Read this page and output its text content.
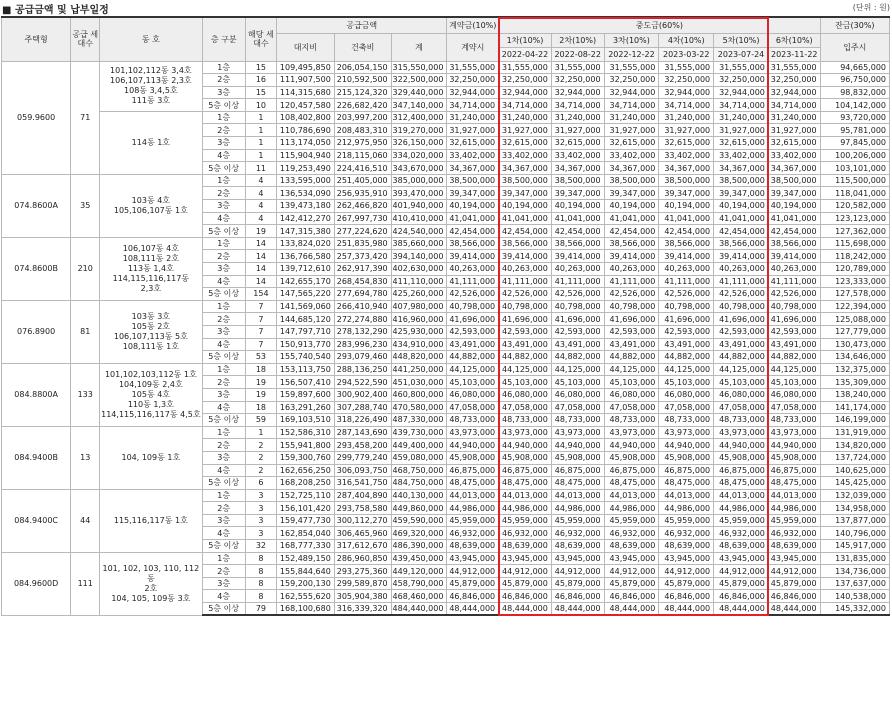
■ 공급금액 및 납부일정	(단위 : 원)
주택형	공급 세대수	동 호	층 구분	해당 세대수	공급금액			계약금(10%)	중도금(60%)						잔금(30%)
					대지비	건축비	계	계약시	1차(10%)	2차(10%)	3차(10%)	4차(10%)	5차(10%)	6차(10%)	입주시
									2022-04-22	2022-08-22	2022-12-22	2023-03-22	2023-07-24	2023-11-22	
059.9600	71	101,102,112동 3,4호
106,107,113동 2,3호
108동 3,4,5호
111동 3호	1층	15	109,495,850	206,054,150	315,550,000	31,555,000	31,555,000	31,555,000	31,555,000	31,555,000	31,555,000	31,555,000	94,665,000
			2층	16	111,907,500	210,592,500	322,500,000	32,250,000	32,250,000	32,250,000	32,250,000	32,250,000	32,250,000	32,250,000	96,750,000
			3층	15	114,315,680	215,124,320	329,440,000	32,944,000	32,944,000	32,944,000	32,944,000	32,944,000	32,944,000	32,944,000	98,832,000
			5층 이상	10	120,457,580	226,682,420	347,140,000	34,714,000	34,714,000	34,714,000	34,714,000	34,714,000	34,714,000	34,714,000	104,142,000

		114동 1호	1층	1	108,402,800	203,997,200	312,400,000	31,240,000	31,240,000	31,240,000	31,240,000	31,240,000	31,240,000	31,240,000	93,720,000
			2층	1	110,786,690	208,483,310	319,270,000	31,927,000	31,927,000	31,927,000	31,927,000	31,927,000	31,927,000	31,927,000	95,781,000
			3층	1	113,174,050	212,975,950	326,150,000	32,615,000	32,615,000	32,615,000	32,615,000	32,615,000	32,615,000	32,615,000	97,845,000
			4층	1	115,904,940	218,115,060	334,020,000	33,402,000	33,402,000	33,402,000	33,402,000	33,402,000	33,402,000	33,402,000	100,206,000
			5층 이상	11	119,253,490	224,416,510	343,670,000	34,367,000	34,367,000	34,367,000	34,367,000	34,367,000	34,367,000	34,367,000	103,101,000
074.8600A	35	103동 4호
105,106,107동 1호	1층	4	133,595,000	251,405,000	385,000,000	38,500,000	38,500,000	38,500,000	38,500,000	38,500,000	38,500,000	38,500,000	115,500,000
			2층	4	136,534,090	256,935,910	393,470,000	39,347,000	39,347,000	39,347,000	39,347,000	39,347,000	39,347,000	39,347,000	118,041,000
			3층	4	139,473,180	262,466,820	401,940,000	40,194,000	40,194,000	40,194,000	40,194,000	40,194,000	40,194,000	40,194,000	120,582,000
			4층	4	142,412,270	267,997,730	410,410,000	41,041,000	41,041,000	41,041,000	41,041,000	41,041,000	41,041,000	41,041,000	123,123,000
			5층 이상	19	147,315,380	277,224,620	424,540,000	42,454,000	42,454,000	42,454,000	42,454,000	42,454,000	42,454,000	42,454,000	127,362,000
074.8600B	210	106,107동 4호
108,111동 2호
113동 1,4호
114,115,116,117동
2,3호	1층	14	133,824,020	251,835,980	385,660,000	38,566,000	38,566,000	38,566,000	38,566,000	38,566,000	38,566,000	38,566,000	115,698,000
			2층	14	136,766,580	257,373,420	394,140,000	39,414,000	39,414,000	39,414,000	39,414,000	39,414,000	39,414,000	39,414,000	118,242,000
			3층	14	139,712,610	262,917,390	402,630,000	40,263,000	40,263,000	40,263,000	40,263,000	40,263,000	40,263,000	40,263,000	120,789,000
			4층	14	142,655,170	268,454,830	411,110,000	41,111,000	41,111,000	41,111,000	41,111,000	41,111,000	41,111,000	41,111,000	123,333,000
			5층 이상	154	147,565,220	277,694,780	425,260,000	42,526,000	42,526,000	42,526,000	42,526,000	42,526,000	42,526,000	42,526,000	127,578,000
076.8900	81	103동 3호
105동 2호
106,107,113동 5호
108,111동 1호	1층	7	141,569,060	266,410,940	407,980,000	40,798,000	40,798,000	40,798,000	40,798,000	40,798,000	40,798,000	40,798,000	122,394,000
			2층	7	144,685,120	272,274,880	416,960,000	41,696,000	41,696,000	41,696,000	41,696,000	41,696,000	41,696,000	41,696,000	125,088,000
			3층	7	147,797,710	278,132,290	425,930,000	42,593,000	42,593,000	42,593,000	42,593,000	42,593,000	42,593,000	42,593,000	127,779,000
			4층	7	150,913,770	283,996,230	434,910,000	43,491,000	43,491,000	43,491,000	43,491,000	43,491,000	43,491,000	43,491,000	130,473,000
			5층 이상	53	155,740,540	293,079,460	448,820,000	44,882,000	44,882,000	44,882,000	44,882,000	44,882,000	44,882,000	44,882,000	134,646,000
084.8800A	133	101,102,103,112동 1호
104,109동 2,4호
105동 4호
110동 1,3호
114,115,116,117동 4,5호	1층	18	153,113,750	288,136,250	441,250,000	44,125,000	44,125,000	44,125,000	44,125,000	44,125,000	44,125,000	44,125,000	132,375,000
			2층	19	156,507,410	294,522,590	451,030,000	45,103,000	45,103,000	45,103,000	45,103,000	45,103,000	45,103,000	45,103,000	135,309,000
			3층	19	159,897,600	300,902,400	460,800,000	46,080,000	46,080,000	46,080,000	46,080,000	46,080,000	46,080,000	46,080,000	138,240,000
			4층	18	163,291,260	307,288,740	470,580,000	47,058,000	47,058,000	47,058,000	47,058,000	47,058,000	47,058,000	47,058,000	141,174,000
			5층 이상	59	169,103,510	318,226,490	487,330,000	48,733,000	48,733,000	48,733,000	48,733,000	48,733,000	48,733,000	48,733,000	146,199,000
084.9400B	13	104, 109동 1호	1층	1	152,586,310	287,143,690	439,730,000	43,973,000	43,973,000	43,973,000	43,973,000	43,973,000	43,973,000	43,973,000	131,919,000
			2층	2	155,941,800	293,458,200	449,400,000	44,940,000	44,940,000	44,940,000	44,940,000	44,940,000	44,940,000	44,940,000	134,820,000
			3층	2	159,300,760	299,779,240	459,080,000	45,908,000	45,908,000	45,908,000	45,908,000	45,908,000	45,908,000	45,908,000	137,724,000
			4층	2	162,656,250	306,093,750	468,750,000	46,875,000	46,875,000	46,875,000	46,875,000	46,875,000	46,875,000	46,875,000	140,625,000
			5층 이상	6	168,208,250	316,541,750	484,750,000	48,475,000	48,475,000	48,475,000	48,475,000	48,475,000	48,475,000	48,475,000	145,425,000
084.9400C	44	115,116,117동 1호	1층	3	152,725,110	287,404,890	440,130,000	44,013,000	44,013,000	44,013,000	44,013,000	44,013,000	44,013,000	44,013,000	132,039,000
			2층	3	156,101,420	293,758,580	449,860,000	44,986,000	44,986,000	44,986,000	44,986,000	44,986,000	44,986,000	44,986,000	134,958,000
			3층	3	159,477,730	300,112,270	459,590,000	45,959,000	45,959,000	45,959,000	45,959,000	45,959,000	45,959,000	45,959,000	137,877,000
			4층	3	162,854,040	306,465,960	469,320,000	46,932,000	46,932,000	46,932,000	46,932,000	46,932,000	46,932,000	46,932,000	140,796,000
			5층 이상	32	168,777,330	317,612,670	486,390,000	48,639,000	48,639,000	48,639,000	48,639,000	48,639,000	48,639,000	48,639,000	145,917,000
084.9600D	111	101, 102, 103, 110, 112동
2호
104, 105, 109동 3호	1층	8	152,489,150	286,960,850	439,450,000	43,945,000	43,945,000	43,945,000	43,945,000	43,945,000	43,945,000	43,945,000	131,835,000
			2층	8	155,844,640	293,275,360	449,120,000	44,912,000	44,912,000	44,912,000	44,912,000	44,912,000	44,912,000	44,912,000	134,736,000
			3층	8	159,200,130	299,589,870	458,790,000	45,879,000	45,879,000	45,879,000	45,879,000	45,879,000	45,879,000	45,879,000	137,637,000
			4층	8	162,555,620	305,904,380	468,460,000	46,846,000	46,846,000	46,846,000	46,846,000	46,846,000	46,846,000	46,846,000	140,538,000
			5층 이상	79	168,100,680	316,339,320	484,440,000	48,444,000	48,444,000	48,444,000	48,444,000	48,444,000	48,444,000	48,444,000	145,332,000
